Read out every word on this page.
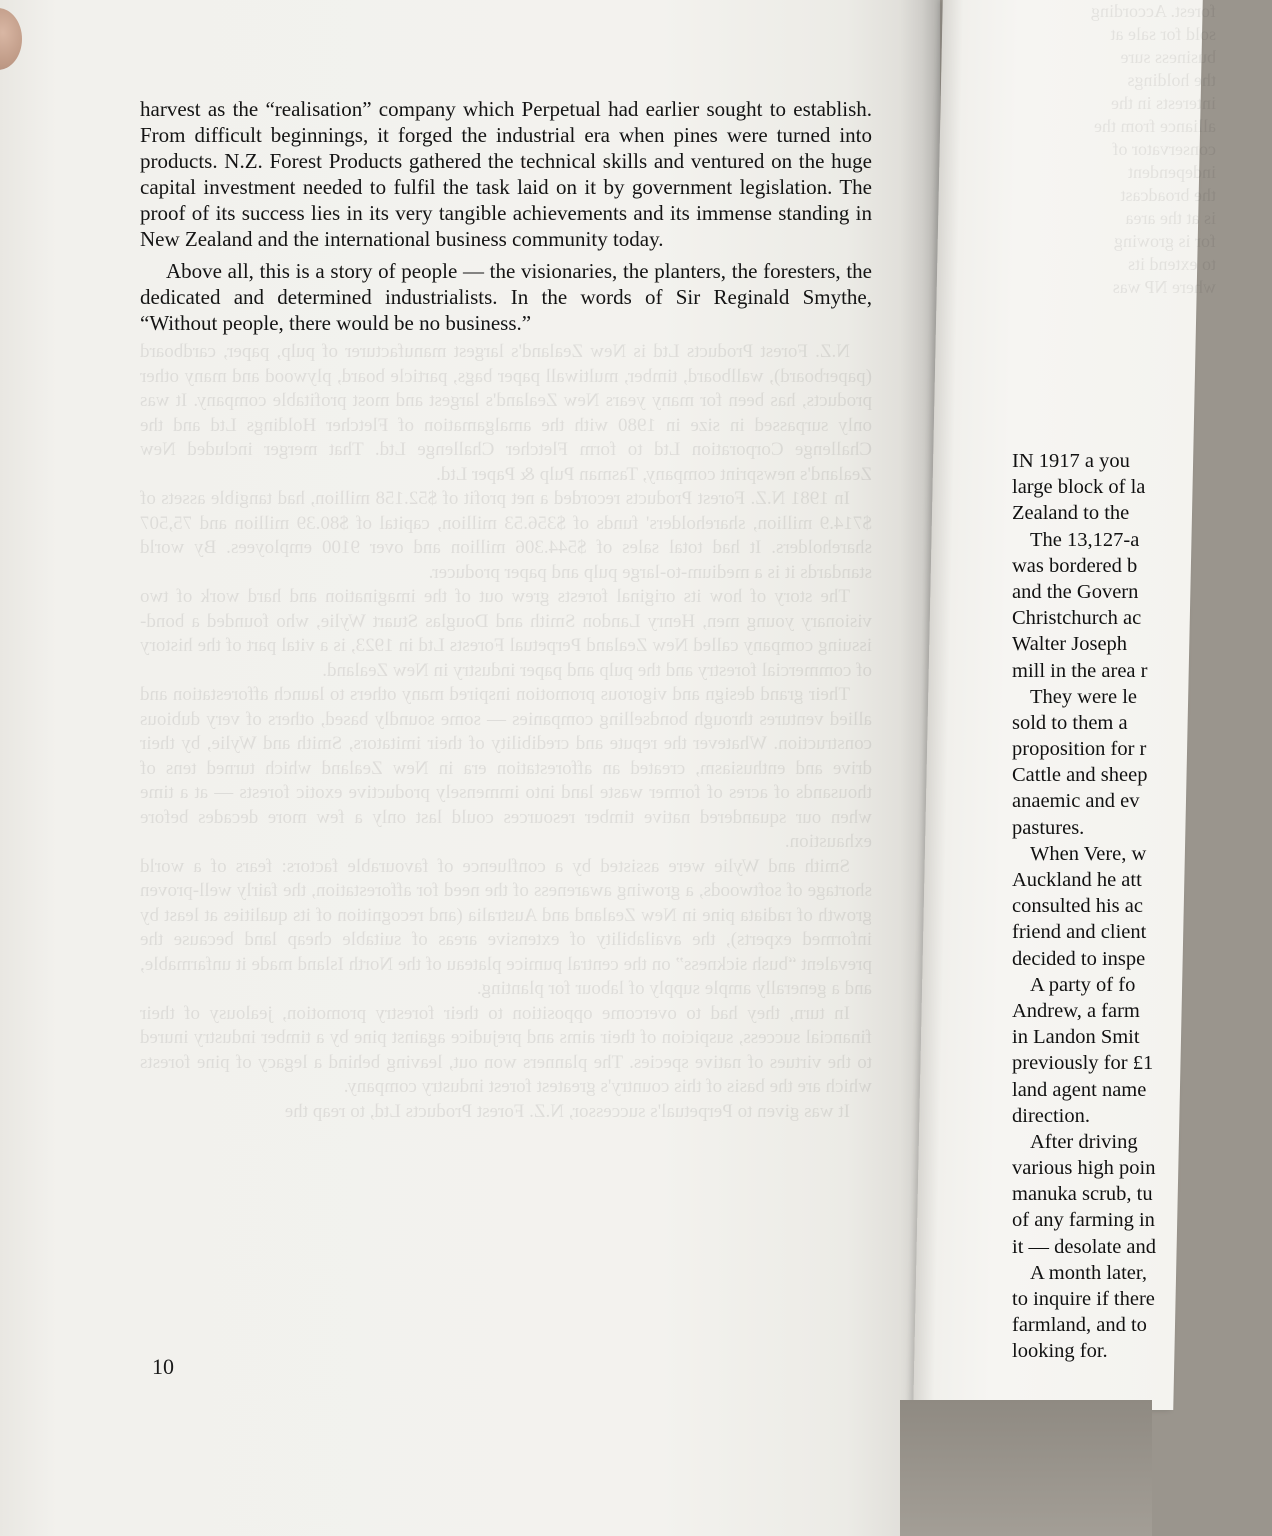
N.Z. Forest Products Ltd is New Zealand's largest manufacturer of pulp, paper, cardboard (paperboard), wallboard, timber, multiwall paper bags, particle board, plywood and many other products, has been for many years New Zealand's largest and most profitable company. It was only surpassed in size in 1980 with the amalgamation of Fletcher Holdings Ltd and the Challenge Corporation Ltd to form Fletcher Challenge Ltd. That merger included New Zealand's newsprint company, Tasman Pulp & Paper Ltd.

In 1981 N.Z. Forest Products recorded a net profit of $52.158 million, had tangible assets of $714.9 million, shareholders' funds of $356.53 million, capital of $80.39 million and 75,507 shareholders. It had total sales of $544.306 million and over 9100 employees. By world standards it is a medium-to-large pulp and paper producer.

The story of how its original forests grew out of the imagination and hard work of two visionary young men, Henry Landon Smith and Douglas Stuart Wylie, who founded a bond-issuing company called New Zealand Perpetual Forests Ltd in 1923, is a vital part of the history of commercial forestry and the pulp and paper industry in New Zealand.

Their grand design and vigorous promotion inspired many others to launch afforestation and allied ventures through bondselling companies — some soundly based, others of very dubious construction. Whatever the repute and credibility of their imitators, Smith and Wylie, by their drive and enthusiasm, created an afforestation era in New Zealand which turned tens of thousands of acres of former waste land into immensely productive exotic forests — at a time when our squandered native timber resources could last only a few more decades before exhaustion.

Smith and Wylie were assisted by a confluence of favourable factors: fears of a world shortage of softwoods, a growing awareness of the need for afforestation, the fairly well-proven growth of radiata pine in New Zealand and Australia (and recognition of its qualities at least by informed experts), the availability of extensive areas of suitable cheap land because the prevalent “bush sickness” on the central pumice plateau of the North Island made it unfarmable, and a generally ample supply of labour for planting.

In turn, they had to overcome opposition to their forestry promotion, jealousy of their financial success, suspicion of their aims and prejudice against pine by a timber industry inured to the virtues of native species. The planners won out, leaving behind a legacy of pine forests which are the basis of this country's greatest forest industry company.

It was given to Perpetual's successor, N.Z. Forest Products Ltd, to reap the

harvest as the “realisation” company which Perpetual had earlier sought to establish. From difficult beginnings, it forged the industrial era when pines were turned into products. N.Z. Forest Products gathered the technical skills and ventured on the huge capital investment needed to fulfil the task laid on it by government legislation. The proof of its success lies in its very tangible achievements and its immense standing in New Zealand and the international business community today.

Above all, this is a story of people — the visionaries, the planters, the foresters, the dedicated and determined industrialists. In the words of Sir Reginald Smythe, “Without people, there would be no business.”

10
forest. According
sold for sale at
business sure
the holdings
interests in the
alliance from the
conservator of
independent
the broadcast
is at the area
for is growing
to extend its
where NP was
IN 1917 a you
large block of la
Zealand to the
The 13,127-a
was bordered b
and the Govern
Christchurch ac
Walter Joseph
mill in the area r
They were le
sold to them a
proposition for r
Cattle and sheep
anaemic and ev
pastures.
When Vere, w
Auckland he att
consulted his ac
friend and client
decided to inspe
A party of fo
Andrew, a farm
in Landon Smit
previously for £1
land agent name
direction.
After driving
various high poin
manuka scrub, tu
of any farming in
it — desolate and
A month later,
to inquire if there
farmland, and to
looking for.
